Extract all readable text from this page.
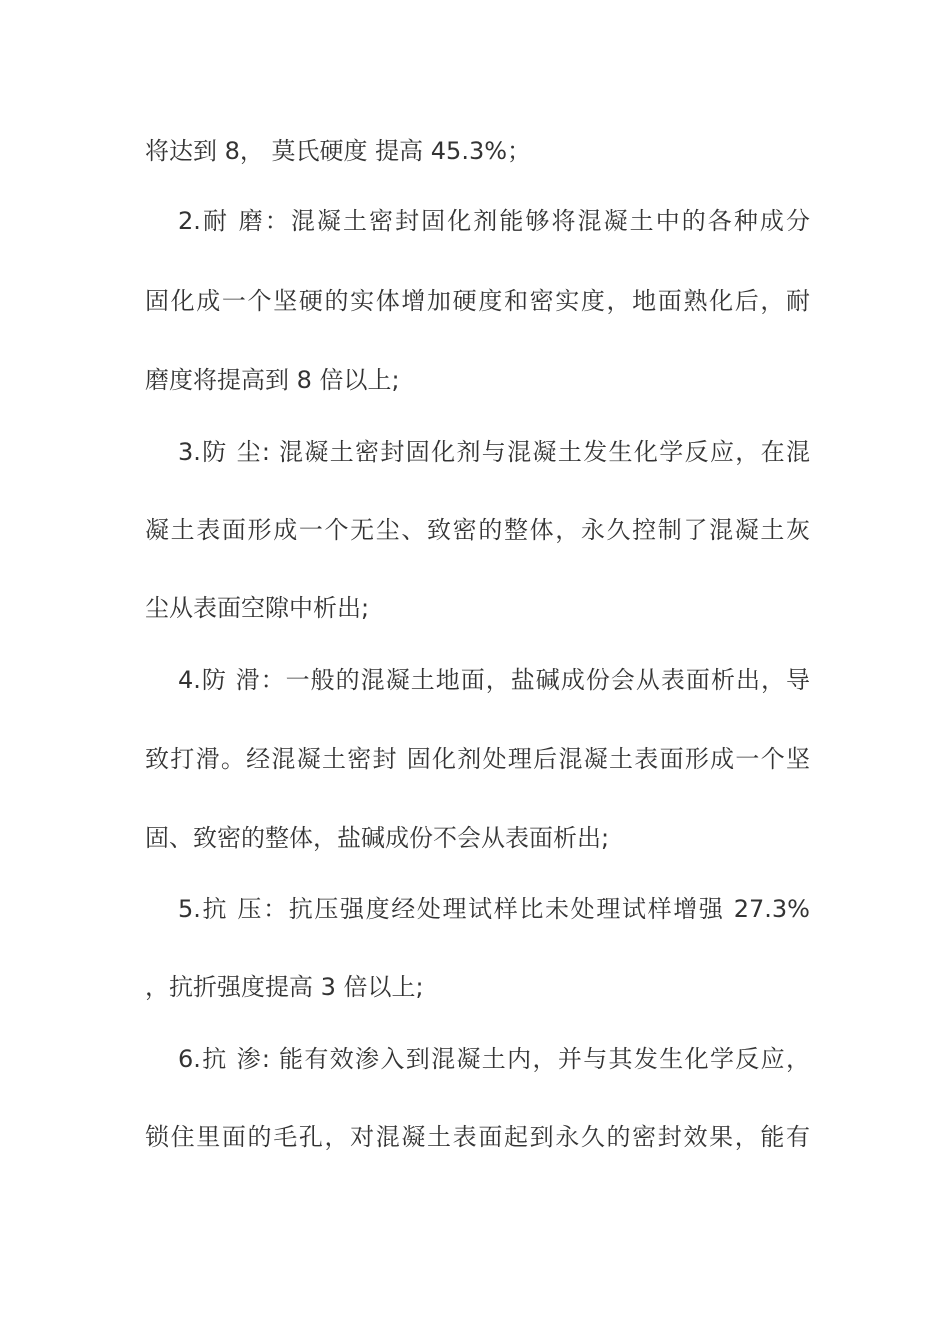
将达到 8， 莫氏硬度 提高 45.3%；
2.耐 磨：混凝土密封固化剂能够将混凝土中的各种成分
固化成一个坚硬的实体增加硬度和密实度，地面熟化后，耐
磨度将提高到 8 倍以上;
3.防 尘: 混凝土密封固化剂与混凝土发生化学反应，在混
凝土表面形成一个无尘、致密的整体，永久控制了混凝土灰
尘从表面空隙中析出;
4.防 滑：一般的混凝土地面，盐碱成份会从表面析出，导
致打滑。经混凝土密封 固化剂处理后混凝土表面形成一个坚
固、致密的整体，盐碱成份不会从表面析出;
5.抗 压：抗压强度经处理试样比未处理试样增强 27.3%
，抗折强度提高 3 倍以上;
6.抗 渗: 能有效渗入到混凝土内，并与其发生化学反应，
锁住里面的毛孔，对混凝土表面起到永久的密封效果，能有
